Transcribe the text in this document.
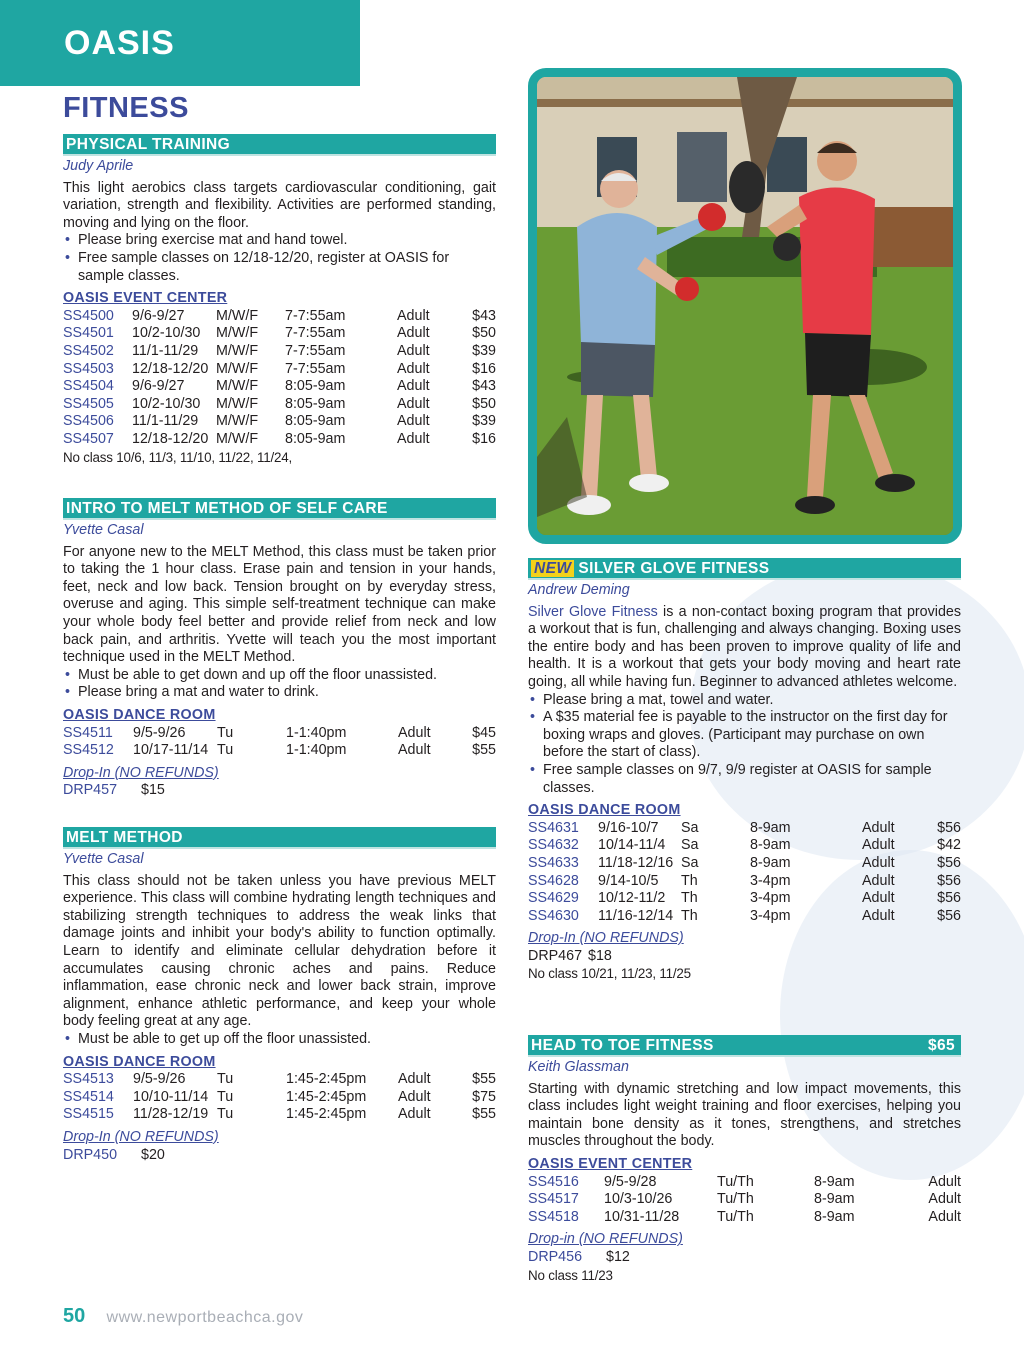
OASIS
FITNESS
PHYSICAL TRAINING
Judy Aprile
This light aerobics class targets cardiovascular conditioning, gait variation, strength and flexibility. Activities are performed standing, moving and lying on the floor.
• Please bring exercise mat and hand towel.
• Free sample classes on 12/18-12/20, register at OASIS for sample classes.
OASIS EVENT CENTER
SS4500	9/6-9/27	M/W/F	7-7:55am	Adult	$43
SS4501	10/2-10/30	M/W/F	7-7:55am	Adult	$50
SS4502	11/1-11/29	M/W/F	7-7:55am	Adult	$39
SS4503	12/18-12/20 M/W/F	7-7:55am	Adult	$16
SS4504	9/6-9/27	M/W/F	8:05-9am	Adult	$43
SS4505	10/2-10/30	M/W/F	8:05-9am	Adult	$50
SS4506	11/1-11/29	M/W/F	8:05-9am	Adult	$39
SS4507	12/18-12/20 M/W/F	8:05-9am	Adult	$16
No class 10/6, 11/3, 11/10, 11/22, 11/24,
INTRO TO MELT METHOD OF SELF CARE
Yvette Casal
For anyone new to the MELT Method, this class must be taken prior to taking the 1 hour class. Erase pain and tension in your hands, feet, neck and low back. Tension brought on by everyday stress, overuse and aging. This simple self-treatment technique can make your whole body feel better and provide relief from neck and low back pain, and arthritis. Yvette will teach you the most important technique used in the MELT Method.
• Must be able to get down and up off the floor unassisted.
• Please bring a mat and water to drink.
OASIS DANCE ROOM
SS4511	9/5-9/26	Tu	1-1:40pm	Adult	$45
SS4512	10/17-11/14 Tu	1-1:40pm	Adult	$55
Drop-In (NO REFUNDS)
DRP457	$15
MELT METHOD
Yvette Casal
This class should not be taken unless you have previous MELT experience. This class will combine hydrating length techniques and stabilizing strength techniques to address the weak links that damage joints and inhibit your body's ability to function optimally. Learn to identify and eliminate cellular dehydration before it accumulates causing chronic aches and pains. Reduce inflammation, ease chronic neck and lower back strain, improve alignment, enhance athletic performance, and keep your whole body feeling great at any age.
• Must be able to get up off the floor unassisted.
OASIS DANCE ROOM
SS4513	9/5-9/26	Tu	1:45-2:45pm	Adult	$55
SS4514	10/10-11/14 Tu	1:45-2:45pm	Adult	$75
SS4515	11/28-12/19 Tu	1:45-2:45pm	Adult	$55
Drop-In (NO REFUNDS)
DRP450	$20
NEW SILVER GLOVE FITNESS
Andrew Deming
Silver Glove Fitness is a non-contact boxing program that provides a workout that is fun, challenging and always changing. Boxing uses the entire body and has been proven to improve quality of life and health. It is a workout that gets your body moving and heart rate going, all while having fun. Beginner to advanced athletes welcome.
• Please bring a mat, towel and water.
• A $35 material fee is payable to the instructor on the first day for boxing wraps and gloves. (Participant may purchase on own before the start of class).
• Free sample classes on 9/7, 9/9 register at OASIS for sample classes.
OASIS DANCE ROOM
SS4631	9/16-10/7	Sa	8-9am	Adult	$56
SS4632	10/14-11/4	Sa	8-9am	Adult	$42
SS4633	11/18-12/16 Sa	8-9am	Adult	$56
SS4628	9/14-10/5	Th	3-4pm	Adult	$56
SS4629	10/12-11/2	Th	3-4pm	Adult	$56
SS4630	11/16-12/14 Th	3-4pm	Adult	$56
Drop-In (NO REFUNDS)
DRP467 $18
No class 10/21, 11/23, 11/25
HEAD TO TOE FITNESS	$65
Keith Glassman
Starting with dynamic stretching and low impact movements, this class includes light weight training and floor exercises, helping you maintain bone density as it tones, strengthens, and stretches muscles throughout the body.
OASIS EVENT CENTER
SS4516	9/5-9/28	Tu/Th	8-9am	Adult
SS4517	10/3-10/26	Tu/Th	8-9am	Adult
SS4518	10/31-11/28	Tu/Th	8-9am	Adult
Drop-in (NO REFUNDS)
DRP456	$12
No class 11/23
50 www.newportbeachca.gov
